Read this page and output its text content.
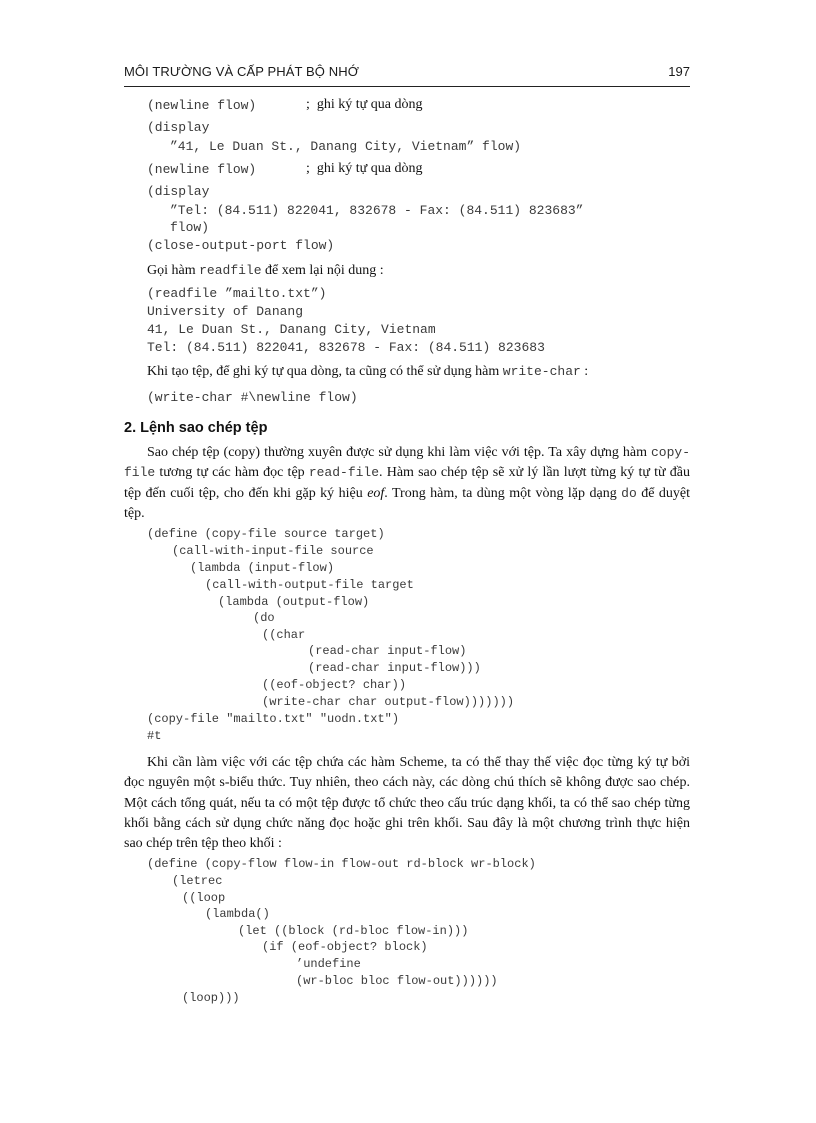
MÔI TRƯỜNG VÀ CẤP PHÁT BỘ NHỚ	197
(newline flow)	;  ghi ký tự qua dòng
(display
”41, Le Duan St., Danang City, Vietnam” flow)
(newline flow)	;  ghi ký tự qua dòng
(display
”Tel: (84.511) 822041, 832678 - Fax: (84.511) 823683”
flow)
(close-output-port flow)
Gọi hàm readfile để xem lại nội dung :
(readfile ”mailto.txt”)
University of Danang
41, Le Duan St., Danang City, Vietnam
Tel: (84.511) 822041, 832678 - Fax: (84.511) 823683
Khi tạo tệp, để ghi ký tự qua dòng, ta cũng có thể sử dụng hàm write-char :
(write-char #\newline flow)
2. Lệnh sao chép tệp
Sao chép tệp (copy) thường xuyên được sử dụng khi làm việc với tệp. Ta xây dựng hàm copy-file tương tự các hàm đọc tệp read-file. Hàm sao chép tệp sẽ xử lý lần lượt từng ký tự từ đầu tệp đến cuối tệp, cho đến khi gặp ký hiệu eof. Trong hàm, ta dùng một vòng lặp dạng do để duyệt tệp.
(define (copy-file source target)
(call-with-input-file source
(lambda (input-flow)
(call-with-output-file target
(lambda (output-flow)
(do
((char
(read-char input-flow)
(read-char input-flow)))
((eof-object? char))
(write-char char output-flow)))))))
(copy-file "mailto.txt" "uodn.txt")
#t
Khi cần làm việc với các tệp chứa các hàm Scheme, ta có thể thay thế việc đọc từng ký tự bởi đọc nguyên một s-biểu thức. Tuy nhiên, theo cách này, các dòng chú thích sẽ không được sao chép. Một cách tổng quát, nếu ta có một tệp được tổ chức theo cấu trúc dạng khối, ta có thể sao chép từng khối bằng cách sử dụng chức năng đọc hoặc ghi trên khối. Sau đây là một chương trình thực hiện sao chép trên tệp theo khối :
(define (copy-flow flow-in flow-out rd-block wr-block)
(letrec
((loop
(lambda()
(let ((block (rd-bloc flow-in)))
(if (eof-object? block)
’undefine
(wr-bloc bloc flow-out))))))
(loop)))
